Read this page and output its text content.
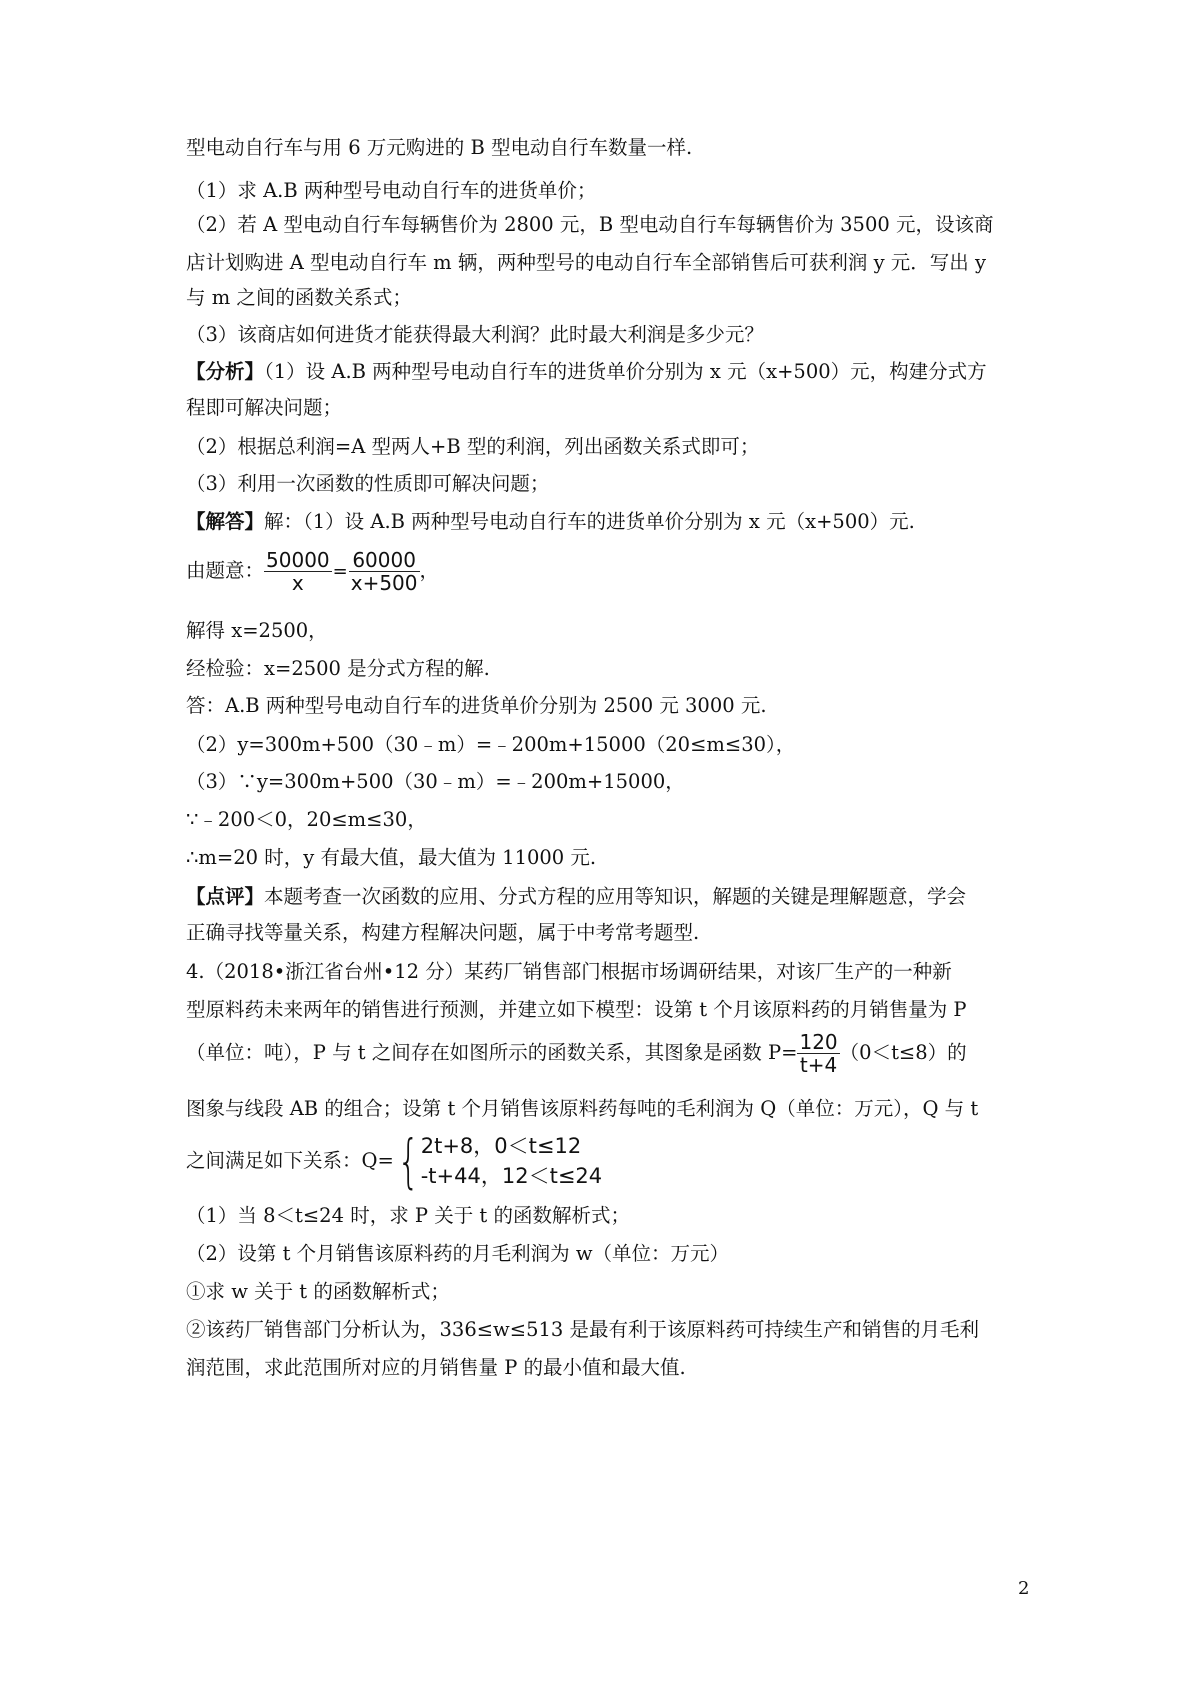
型电动自行车与用 6 万元购进的 B 型电动自行车数量一样.
（1）求 A.B 两种型号电动自行车的进货单价；
（2）若 A 型电动自行车每辆售价为 2800 元，B 型电动自行车每辆售价为 3500 元，设该商
店计划购进 A 型电动自行车 m 辆，两种型号的电动自行车全部销售后可获利润 y 元．写出 y
与 m 之间的函数关系式；
（3）该商店如何进货才能获得最大利润？此时最大利润是多少元？
【分析】（1）设 A.B 两种型号电动自行车的进货单价分别为 x 元（x+500）元，构建分式方
程即可解决问题；
（2）根据总利润=A 型两人+B 型的利润，列出函数关系式即可；
（3）利用一次函数的性质即可解决问题；
【解答】解：（1）设 A.B 两种型号电动自行车的进货单价分别为 x 元（x+500）元.
由题意： $\frac{50000}{x} = \frac{60000}{x+500}$ ，
解得 x=2500，
经检验：x=2500 是分式方程的解.
答：A.B 两种型号电动自行车的进货单价分别为 2500 元 3000 元.
（2）y=300m+500（30﹣m）=﹣200m+15000（20≤m≤30），
（3）∵y=300m+500（30﹣m）=﹣200m+15000，
∵﹣200＜0，20≤m≤30，
∴m=20 时，y 有最大值，最大值为 11000 元.
【点评】本题考查一次函数的应用、分式方程的应用等知识，解题的关键是理解题意，学会
正确寻找等量关系，构建方程解决问题，属于中考常考题型.
4.（2018•浙江省台州•12 分）某药厂销售部门根据市场调研结果，对该厂生产的一种新
型原料药未来两年的销售进行预测，并建立如下模型：设第 t 个月该原料药的月销售量为 P
（单位：吨），P 与 t 之间存在如图所示的函数关系，其图象是函数 $P= \frac{120}{t+4} (0<t\le 8)$的
图象与线段 AB 的组合；设第 t 个月销售该原料药每吨的毛利润为 Q（单位：万元），Q 与 t
之间满足如下关系：Q= { 2t+8，0＜t≤12
-t+44，12＜t≤24
（1）当 8＜t≤24 时，求 P 关于 t 的函数解析式；
（2）设第 t 个月销售该原料药的月毛利润为 w（单位：万元）
①求 w 关于 t 的函数解析式；
②该药厂销售部门分析认为，336≤w≤513 是最有利于该原料药可持续生产和销售的月毛利
润范围，求此范围所对应的月销售量 P 的最小值和最大值.
2
